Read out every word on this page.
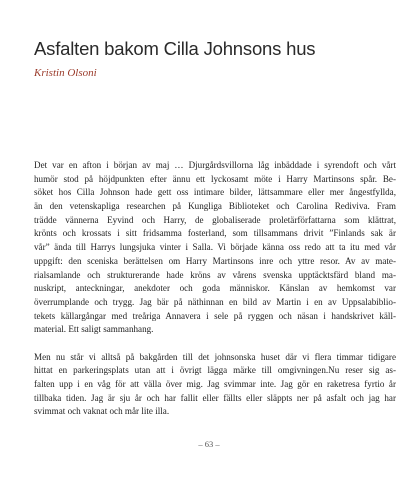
Asfalten bakom Cilla Johnsons hus
Kristin Olsoni
Det var en afton i början av maj … Djurgårdsvillorna låg inbäddade i syrendoft och vårt
humör stod på höjdpunkten efter ännu ett lyckosamt möte i Harry Martinsons spår. Be-
söket hos Cilla Johnson hade gett oss intimare bilder, lättsammare eller mer ångestfyllda,
än den vetenskapliga researchen på Kungliga Biblioteket och Carolina Rediviva. Fram
trädde vännerna Eyvind och Harry, de globaliserade proletärförfattarna som klättrat,
krönts och krossats i sitt fridsamma fosterland, som tillsammans drivit ”Finlands sak är
vår” ända till Harrys lungsjuka vinter i Salla. Vi började känna oss redo att ta itu med vår
uppgift: den sceniska berättelsen om Harry Martinsons inre och yttre resor. Av av mate-
rialsamlande och strukturerande hade kröns av vårens svenska upptäcktsfärd bland ma-
nuskript, anteckningar, anekdoter och goda människor. Känslan av hemkomst var
överrumplande och trygg. Jag bär på näthinnan en bild av Martin i en av Uppsalabiblio-
tekets källargångar med treåriga Annavera i sele på ryggen och näsan i handskrivet käll-
material. Ett saligt sammanhang.
Men nu står vi alltså på bakgården till det johnsonska huset där vi flera timmar tidigare
hittat en parkeringsplats utan att i övrigt lägga märke till omgivningen.Nu reser sig as-
falten upp i en våg för att välla över mig. Jag svimmar inte. Jag gör en raketresa fyrtio år
tillbaka tiden. Jag är sju år och har fallit eller fällts eller släppts ner på asfalt och jag har
svimmat och vaknat och mår lite illa.
– 63 –
